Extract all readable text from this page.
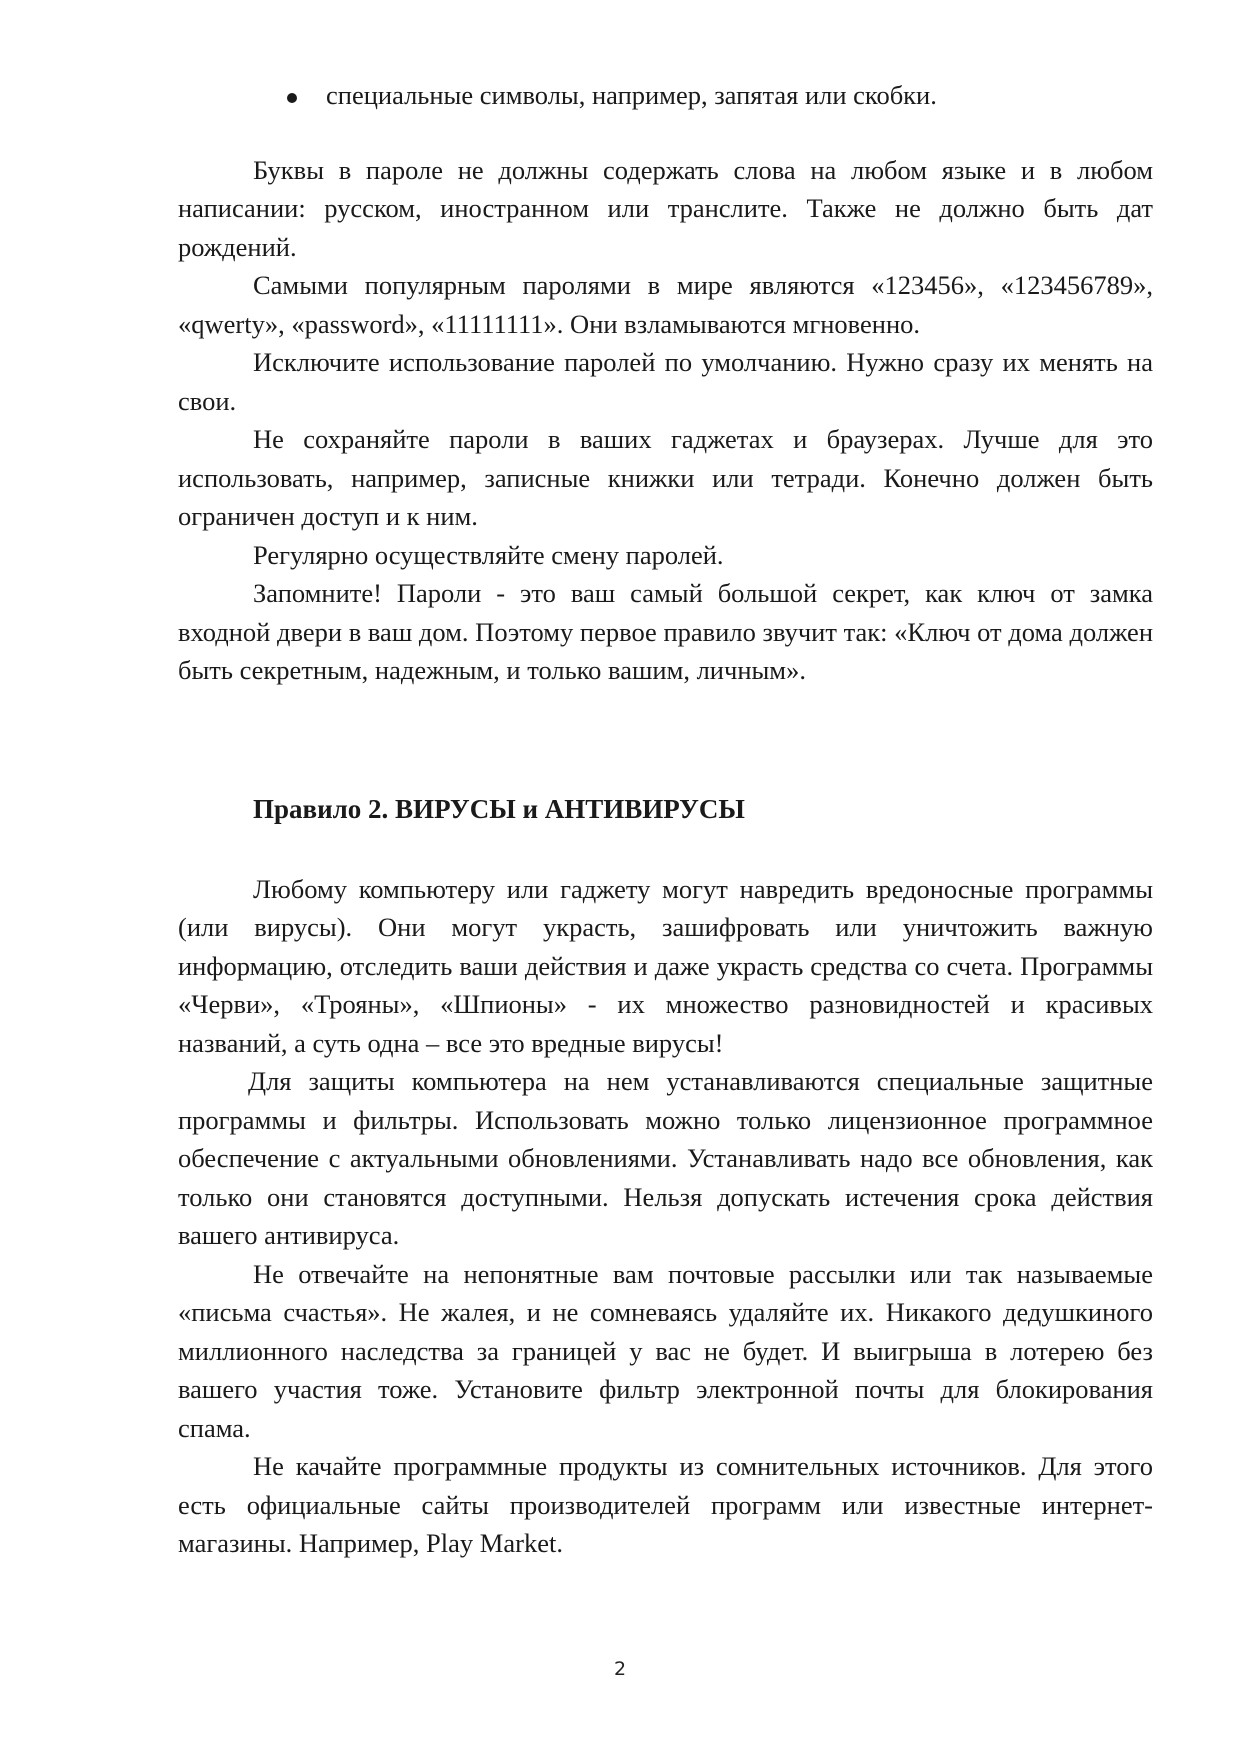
специальные символы, например, запятая или скобки.

Буквы в пароле не должны содержать слова на любом языке и в любом написании: русском, иностранном или транслите. Также не должно быть дат рождений.

Самыми популярным паролями в мире являются «123456», «123456789», «qwerty», «password», «11111111». Они взламываются мгновенно.

Исключите использование паролей по умолчанию. Нужно сразу их менять на свои.

Не сохраняйте пароли в ваших гаджетах и браузерах. Лучше для это использовать, например, записные книжки или тетради. Конечно должен быть ограничен доступ и к ним.

Регулярно осуществляйте смену паролей.

Запомните! Пароли - это ваш самый большой секрет, как ключ от замка входной двери в ваш дом. Поэтому первое правило звучит так: «Ключ от дома должен быть секретным, надежным, и только вашим, личным».

Правило 2. ВИРУСЫ и АНТИВИРУСЫ

Любому компьютеру или гаджету могут навредить вредоносные программы (или вирусы). Они могут украсть, зашифровать или уничтожить важную информацию, отследить ваши действия и даже украсть средства со счета. Программы «Черви», «Трояны», «Шпионы» - их множество разновидностей и красивых названий, а суть одна – все это вредные вирусы!

Для защиты компьютера на нем устанавливаются специальные защитные программы и фильтры. Использовать можно только лицензионное программное обеспечение с актуальными обновлениями. Устанавливать надо все обновления, как только они становятся доступными. Нельзя допускать истечения срока действия вашего антивируса.

Не отвечайте на непонятные вам почтовые рассылки или так называемые «письма счастья». Не жалея, и не сомневаясь удаляйте их. Никакого дедушкиного миллионного наследства за границей у вас не будет. И выигрыша в лотерею без вашего участия тоже. Установите фильтр электронной почты для блокирования спама.

Не качайте программные продукты из сомнительных источников. Для этого есть официальные сайты производителей программ или известные интернет-магазины. Например, Play Market.

2
